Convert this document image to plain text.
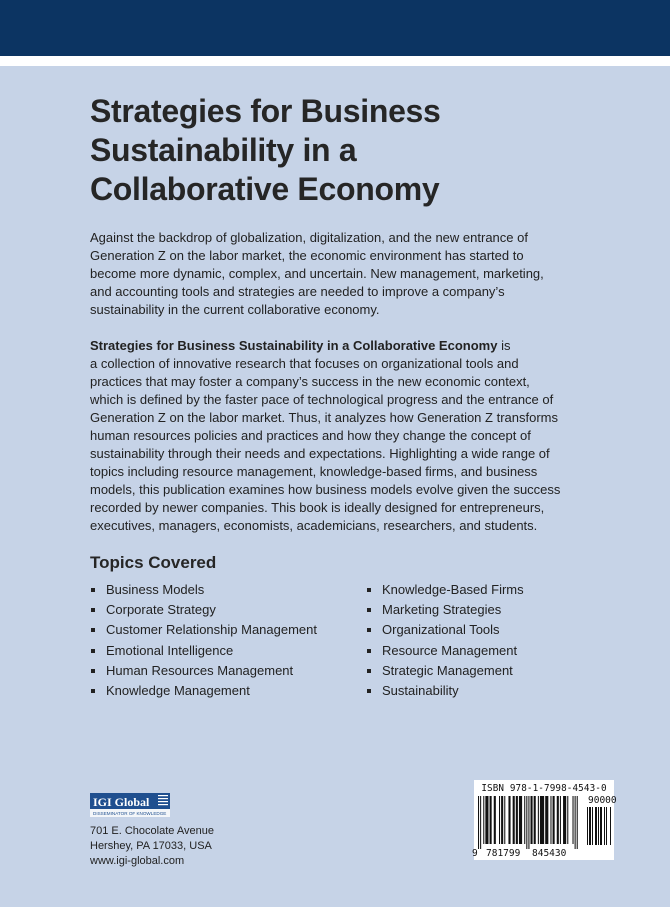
Strategies for Business
Sustainability in a
Collaborative Economy

Against the backdrop of globalization, digitalization, and the new entrance of
Generation Z on the labor market, the economic environment has started to
become more dynamic, complex, and uncertain. New management, marketing,
and accounting tools and strategies are needed to improve a company’s
sustainability in the current collaborative economy.

Strategies for Business Sustainability in a Collaborative Economy is
a collection of innovative research that focuses on organizational tools and
practices that may foster a company’s success in the new economic context,
which is defined by the faster pace of technological progress and the entrance of
Generation Z on the labor market. Thus, it analyzes how Generation Z transforms
human resources policies and practices and how they change the concept of
sustainability through their needs and expectations. Highlighting a wide range of
topics including resource management, knowledge-based firms, and business
models, this publication examines how business models evolve given the success
recorded by newer companies. This book is ideally designed for entrepreneurs,
executives, managers, economists, academicians, researchers, and students.

Topics Covered
Business Models
Corporate Strategy
Customer Relationship Management
Emotional Intelligence
Human Resources Management
Knowledge Management
Knowledge-Based Firms
Marketing Strategies
Organizational Tools
Resource Management
Strategic Management
Sustainability
IGI Global
DISSEMINATOR OF KNOWLEDGE

701 E. Chocolate Avenue
Hershey, PA 17033, USA
www.igi-global.com

ISBN 978-1-7998-4543-0
90000
9 781799 845430
